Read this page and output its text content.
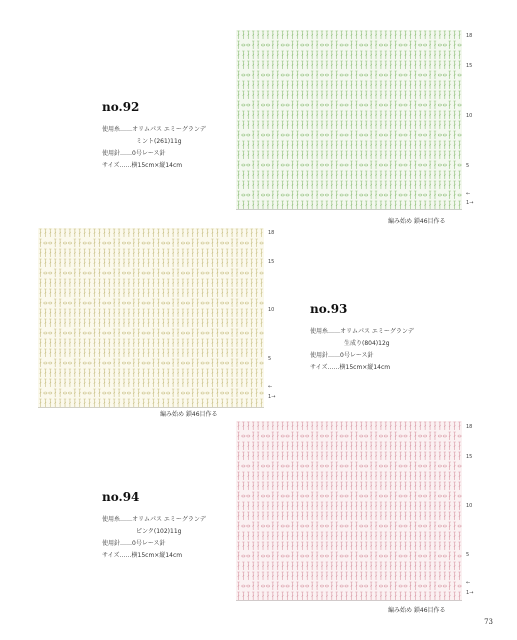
18
15
10
5
←
1→
編み始め 鎖46目作る
no.92
使用糸……オリムパス エミーグランデ
ミント(261)11g
使用針……0号レース針
サイズ……横15cm×縦14cm
18
15
10
5
←
1→
編み始め 鎖46目作る
no.93
使用糸……オリムパス エミーグランデ
生成り(804)12g
使用針……0号レース針
サイズ……横15cm×縦14cm
18
15
10
5
←
1→
編み始め 鎖46目作る
no.94
使用糸……オリムパス エミーグランデ
ピンク(102)11g
使用針……0号レース針
サイズ……横15cm×縦14cm
73
